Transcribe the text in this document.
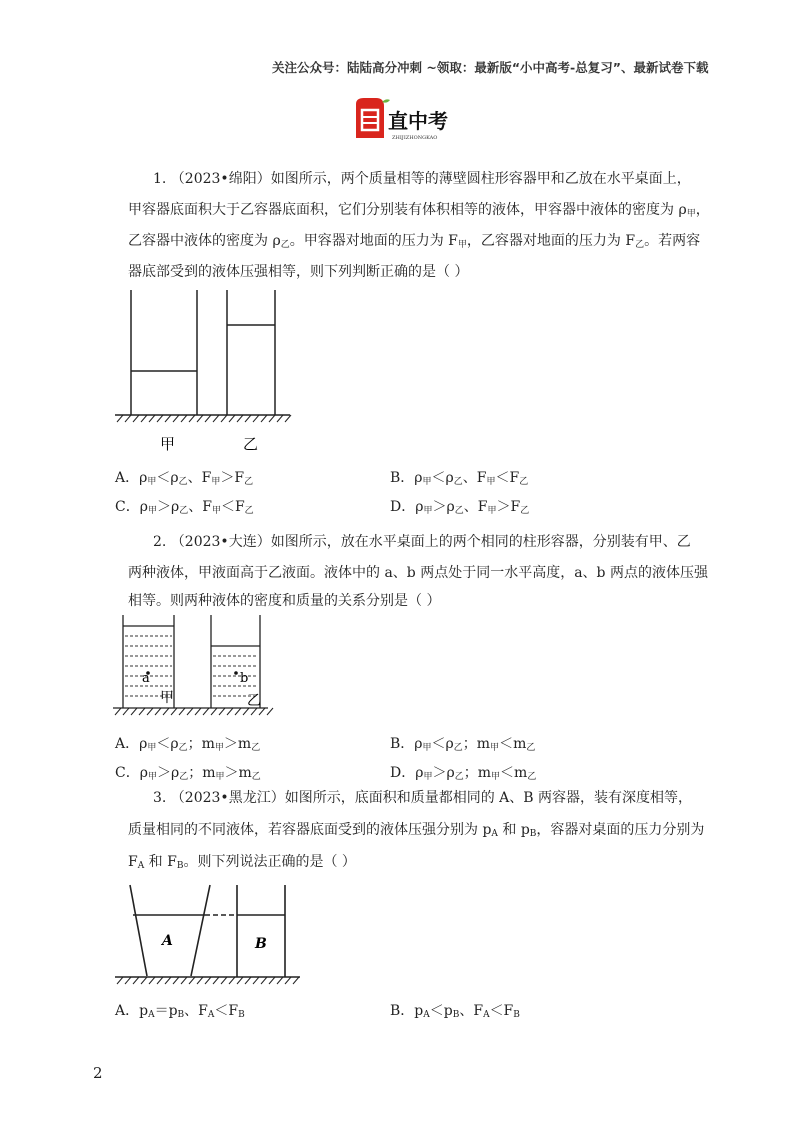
关注公众号：陆陆高分冲刺 ~领取：最新版“小中高考-总复习”、最新试卷下载
直中考
ZHIJIZHONGKAO
1. （2023•绵阳）如图所示，两个质量相等的薄壁圆柱形容器甲和乙放在水平桌面上，
甲容器底面积大于乙容器底面积，它们分别装有体积相等的液体，甲容器中液体的密度为 $\rho_甲$，
乙容器中液体的密度为 $\rho_乙$。甲容器对地面的压力为 $F_甲$，乙容器对地面的压力为 $F_乙$。若两容
器底部受到的液体压强相等，则下列判断正确的是（ ）
A．$\rho_甲<\rho_乙$、$F_甲>F_乙$	B．$\rho_甲<\rho_乙$、$F_甲<F_乙$
C．$\rho_甲>\rho_乙$、$F_甲<F_乙$	D．$\rho_甲>\rho_乙$、$F_甲>F_乙$
2. （2023•大连）如图所示，放在水平桌面上的两个相同的柱形容器，分别装有甲、乙
两种液体，甲液面高于乙液面。液体中的 a、b 两点处于同一水平高度，a、b 两点的液体压强
相等。则两种液体的密度和质量的关系分别是（ ）
A．$\rho_甲<\rho_乙$；$m_甲>m_乙$	B．$\rho_甲<\rho_乙$；$m_甲<m_乙$
C．$\rho_甲>\rho_乙$；$m_甲>m_乙$	D．$\rho_甲>\rho_乙$；$m_甲<m_乙$
3. （2023•黑龙江）如图所示，底面积和质量都相同的 A、B 两容器，装有深度相等，
质量相同的不同液体，若容器底面受到的液体压强分别为 $p_A$ 和 $p_B$，容器对桌面的压力分别为
$F_A$ 和 $F_B$。则下列说法正确的是（ ）
A．$p_A=p_B$、$F_A<F_B$	B．$p_A<p_B$、$F_A<F_B$
甲	乙
a	b
甲	乙
A	B
2
